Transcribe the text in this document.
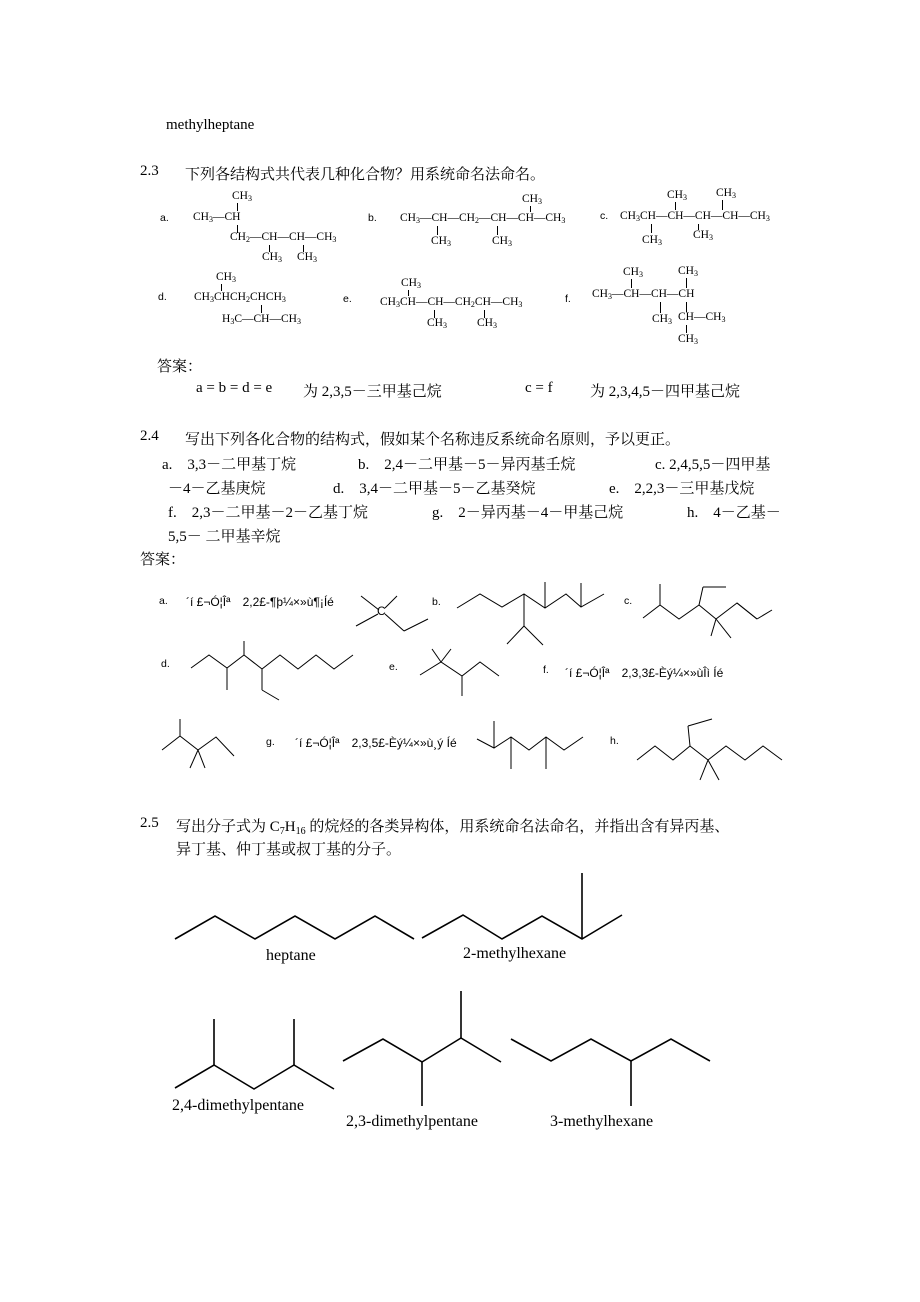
methylheptane
2.3 下列各结构式共代表几种化合物？用系统命名法命名。
a.	b.	c.
d.	e.	f.
$CH_3$
$CH_3—CH$
$CH_2—CH—CH—CH_3$
$CH_3$ $CH_3$
$CH_3$
$CH_3—CH—CH_2—CH—CH—CH_3$
$CH_3$	$CH_3$
$CH_3$	$CH_3$
$CH_3CH—CH—CH—CH—CH_3$
$CH_3$
$CH_3$
$CH_3$
$CH_3CHCH_2CHCH_3$
$H_3C—CH—CH_3$
$CH_3$
$CH_3CH—CH—CH_2CH—CH_3$
$CH_3$	$CH_3$
$CH_3$	$CH_3$
$CH_3—CH—CH—CH$
$CH_3$ $CH—CH_3$
$CH_3$
答案：
a = b = d = e 为 2,3,5－三甲基己烷	c = f 为 2,3,4,5－四甲基己烷
2.4 写出下列各化合物的结构式，假如某个名称违反系统命名原则，予以更正。
a.　3,3－二甲基丁烷	b.　2,4－二甲基－5－异丙基壬烷	c. 2,4,5,5－四甲基
－4－乙基庚烷	d.　3,4－二甲基－5－乙基癸烷	e.　2,2,3－三甲基戊烷
f.　2,3－二甲基－2－乙基丁烷	g.　2－异丙基－4－甲基己烷	h.　4－乙基－
5,5－ 二甲基辛烷
答案：
a. ´í £¬Ó¦Îª　2,2£-¶þ¼×»ù¶¡Íé
C
b.	c.
d.	e.	f. ´í £¬Ó¦Îª　2,3,3£-Èý¼×»ùÎì Íé
g. ´í £¬Ó¦Îª　2,3,5£-Èý¼×»ù¸ý Íé	h.
2.5 写出分子式为 $C_7H_{16}$ 的烷烃的各类异构体，用系统命名法命名，并指出含有异丙基、
异丁基、仲丁基或叔丁基的分子。
heptane	2-methylhexane
2,4-dimethylpentane
2,3-dimethylpentane	3-methylhexane
